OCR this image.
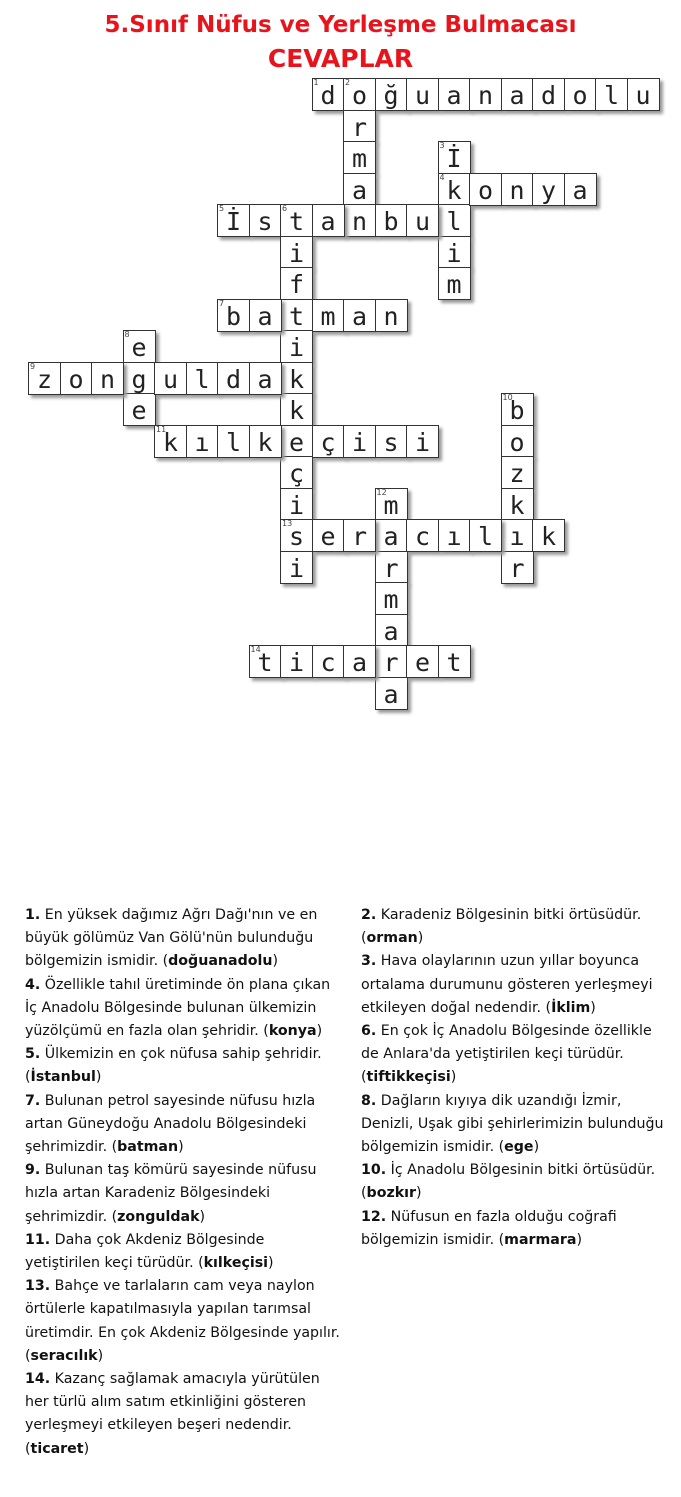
5.Sınıf Nüfus ve Yerleşme Bulmacası
CEVAPLAR
1 d	2 o ğ u a n a d o l u
r
m
a
n
3 İ
4 k
l
i
m
o n y a
5 İ s	6 t a	b u
i
f
t
i
k
k
e
ç
i
13
s
i
7 b a	m a n
8 e
g
e
9 z o n	u l d a
10
b
o
z
k
ı
r
11
k ı l k	ç i s i
12
m
a
r
m
a
r
a
e r	c ı l	k
14
t i c a	e t

1. En yüksek dağımız Ağrı Dağı'nın ve en büyük gölümüz Van Gölü'nün bulunduğu bölgemizin ismidir. (doğuanadolu)

4. Özellikle tahıl üretiminde ön plana çıkan İç Anadolu Bölgesinde bulunan ülkemizin yüzölçümü en fazla olan şehridir. (konya)

5. Ülkemizin en çok nüfusa sahip şehridir. (İstanbul)

7. Bulunan petrol sayesinde nüfusu hızla artan Güneydoğu Anadolu Bölgesindeki şehrimizdir. (batman)

9. Bulunan taş kömürü sayesinde nüfusu hızla artan Karadeniz Bölgesindeki şehrimizdir. (zonguldak)

11. Daha çok Akdeniz Bölgesinde yetiştirilen keçi türüdür. (kılkeçisi)

13. Bahçe ve tarlaların cam veya naylon örtülerle kapatılmasıyla yapılan tarımsal üretimdir. En çok Akdeniz Bölgesinde yapılır. (seracılık)

14. Kazanç sağlamak amacıyla yürütülen her türlü alım satım etkinliğini gösteren yerleşmeyi etkileyen beşeri nedendir. (ticaret)

2. Karadeniz Bölgesinin bitki örtüsüdür. (orman)

3. Hava olaylarının uzun yıllar boyunca ortalama durumunu gösteren yerleşmeyi etkileyen doğal nedendir. (İklim)

6. En çok İç Anadolu Bölgesinde özellikle de Anlara'da yetiştirilen keçi türüdür. (tiftikkeçisi)

8. Dağların kıyıya dik uzandığı İzmir, Denizli, Uşak gibi şehirlerimizin bulunduğu bölgemizin ismidir. (ege)

10. İç Anadolu Bölgesinin bitki örtüsüdür. (bozkır)

12. Nüfusun en fazla olduğu coğrafi bölgemizin ismidir. (marmara)
